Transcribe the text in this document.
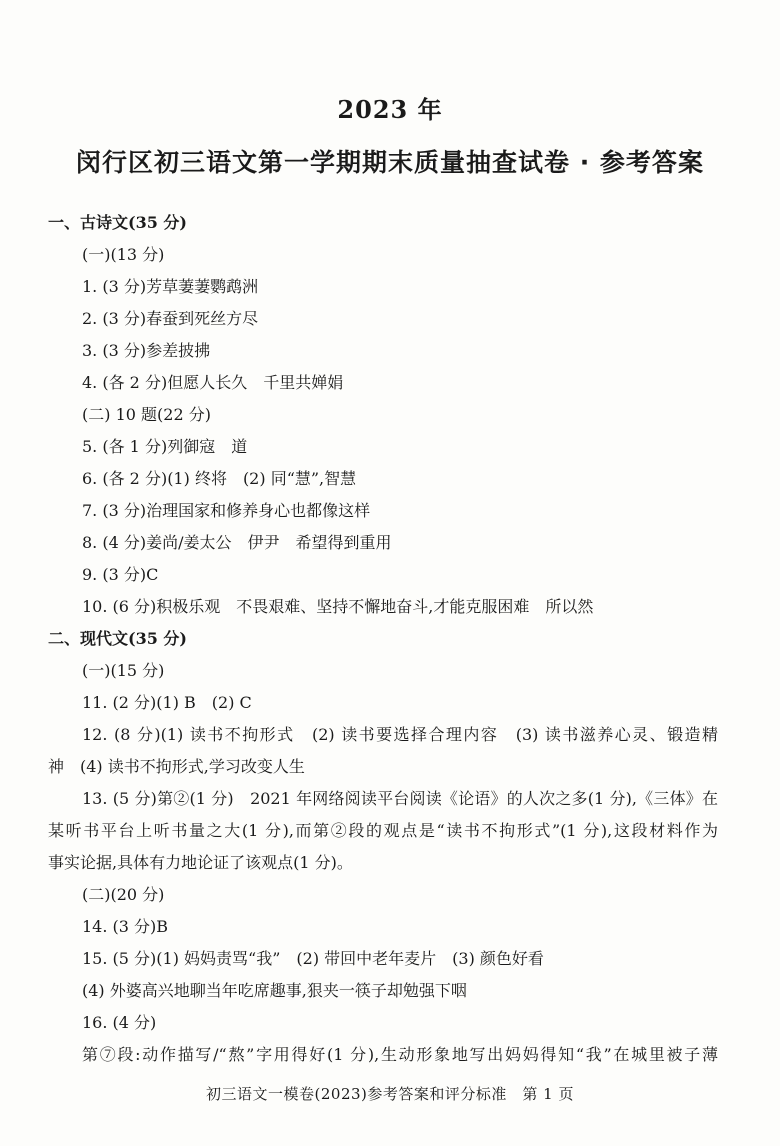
2023 年
闵行区初三语文第一学期期末质量抽查试卷 · 参考答案
一、古诗文(35 分)
(一)(13 分)
1. (3 分)芳草萋萋鹦鹉洲
2. (3 分)春蚕到死丝方尽
3. (3 分)参差披拂
4. (各 2 分)但愿人长久　千里共婵娟
(二) 10 题(22 分)
5. (各 1 分)列御寇　道
6. (各 2 分)(1) 终将　(2) 同“慧”,智慧
7. (3 分)治理国家和修养身心也都像这样
8. (4 分)姜尚/姜太公　伊尹　希望得到重用
9. (3 分)C
10. (6 分)积极乐观　不畏艰难、坚持不懈地奋斗,才能克服困难　所以然
二、现代文(35 分)
(一)(15 分)
11. (2 分)(1) B　(2) C
12. (8 分)(1) 读书不拘形式　(2) 读书要选择合理内容　(3) 读书滋养心灵、锻造精
神　(4) 读书不拘形式,学习改变人生
13. (5 分)第②(1 分)　2021 年网络阅读平台阅读《论语》的人次之多(1 分),《三体》在
某听书平台上听书量之大(1 分),而第②段的观点是“读书不拘形式”(1 分),这段材料作为
事实论据,具体有力地论证了该观点(1 分)。
(二)(20 分)
14. (3 分)B
15. (5 分)(1) 妈妈责骂“我”　(2) 带回中老年麦片　(3) 颜色好看
(4) 外婆高兴地聊当年吃席趣事,狠夹一筷子却勉强下咽
16. (4 分)
第⑦段:动作描写/“熬”字用得好(1 分),生动形象地写出妈妈得知“我”在城里被子薄
初三语文一模卷(2023)参考答案和评分标准　第 1 页
